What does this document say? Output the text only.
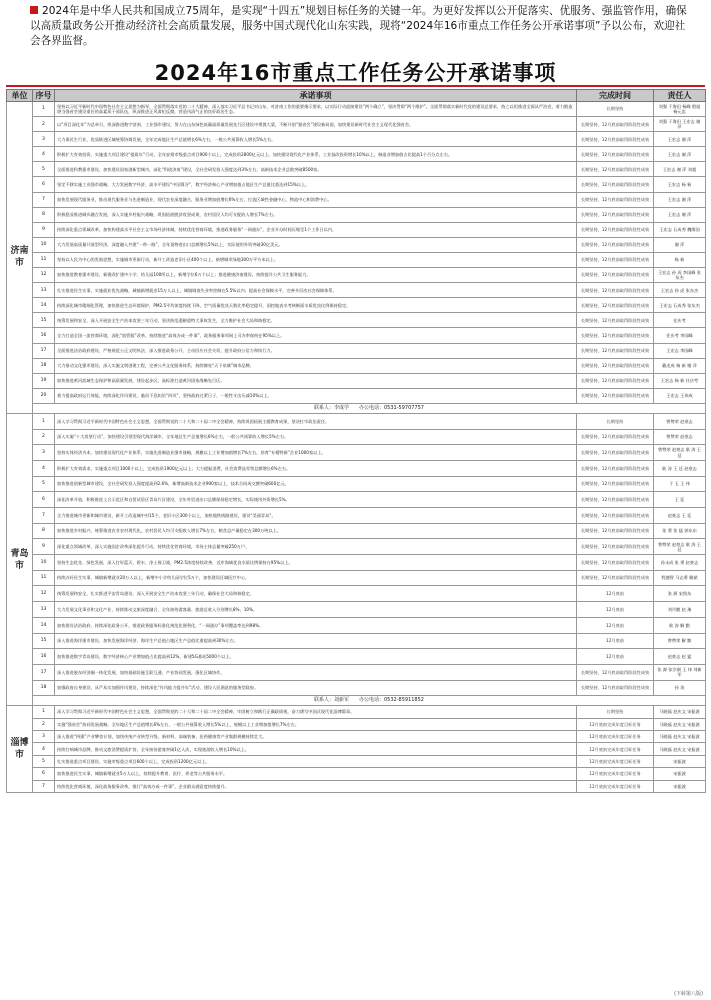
2024年是中华人民共和国成立75周年，是实现“十四五”规划目标任务的关键一年。为更好发挥以公开促落实、优服务、强监管作用，确保以高质量政务公开推动经济社会高质量发展，服务中国式现代化山东实践，现将“2024年16市重点工作任务公开承诺事项”予以公布，欢迎社会各界监督。
2024年16市重点工作任务公开承诺事项
单位	序号	承诺事项	完成时间	责任人
济南市	1	坚持以习近平新时代中国特色社会主义思想为指导，全面贯彻落实党的二十大精神，深入落实习近平总书记对山东、对济南工作的重要指示要求，以实际行动迎接建设“两个确立”，坚决贯彻“两个维护”。全面贯彻落实新时代党的建设总要求，持之以恒推进全面从严治党，着力锻造堪当强省会建设重任的高素质干部队伍，纵深推进正风肃纪反腐，营造风清气正的良好政治生态。	长期坚持	刘强 于海田 杨峰 殷旭 杨元忠
	2	以“项目深化年”为总牵引，纵深推进数字济南、工业强市建设，努力在山东绿色低碳高质量发展先行区建设中勇挑大梁，不断开创“强省会”建设新局面，加快建设新时代社会主义现代化强省会。	长期坚持，12月底前取得阶段性成效	刘强 于海田 王宏志 谢 萍
	3	大力保民生行业，优质推进区域统筹协调发展，全年完成地区生产总值增长6%左右，一般公共预算收入增长5%左右。	长期坚持，12月底前取得阶段性成效	王宏志 谢 萍
	4	积极扩大有效投资，实施重大项目建设“提质年”行动，全年安排市级重点项目900个以上，完成投资2800亿元以上。加快建设现代化产业体系，工业技改投资增长10%以上，制造业增加值占比提高1个百分点左右。	长期坚持，12月底前取得阶段性成效	王宏志 谢 萍
	5	全面推进科教强市建设，加快建设国家创新型城市，深化“科创济南”建设，全社会研发投入强度达到3%左右，高新技术企业总数突破8500家。	长期坚持，12月底前取得阶段性成效	王宏志 谢 萍 刘超
	6	坚定不移实施工业强市战略，大力发展数字经济，高水平建设“中国算谷”，数字经济核心产业增加值占地区生产总值比重达到15%以上。	长期坚持，12月底前取得阶段性成效	王宏志 杨 新
	7	加快发展现代服务业，推动现代服务业与先进制造业、现代农业深度融合，服务业增加值增长6%左右，打造区域性金融中心、物流中心和消费中心。	长期坚持，12月底前取得阶段性成效	王宏志 谢 萍
	8	积极稳妥推进城乡融合发展，深入实施乡村振兴战略，巩固拓展脱贫攻坚成果，农村居民人均可支配收入增长7%左右。	长期坚持，12月底前取得阶段性成效	王宏志 谢 萍
	9	持续深化重点领域改革，加快构建高水平社会主义市场经济体制，持续优化营商环境，推进政务服务“一网通办”，企业开办时间压缩至1个工作日以内。	长期坚持，12月底前取得阶段性成效	王宏志 石成秀 魏维国
	10	大力发展高质量开放型经济，深度融入共建“一带一路”，全年货物进出口总额增长5%以上，实际使用外资突破30亿美元。	长期坚持，12月底前取得阶段性成效	谢 萍
	11	坚持以人民为中心的发展思想，实施城市更新行动，新开工改造老旧小区400个以上，新增城市绿地300万平方米以上。	长期坚持，12月底前取得阶段性成效	杨 新
	12	加快推进教育强市建设，新建改扩建中小学、幼儿园100所以上，新增学位6万个以上；推进健康济南建设，持续提升公共卫生服务能力。	长期坚持，12月底前取得阶段性成效	王宏志 孙 虎 李国峰 张东杰
	13	扎实推进民生实事，实施就业优先战略，城镇新增就业15万人以上，城镇调查失业率控制在5.5%以内；提高社会保障水平，完善多层次社会保障体系。	长期坚持，12月底前取得阶段性成效	王宏志 孙 虎 张东杰
	14	持续深化城市精细化管理，加快推进生态环境保护，PM2.5平均浓度持续下降，空气质量优良天数比率稳定提升，国控地表水考核断面水质优良比例保持稳定。	长期坚持，12月底前取得阶段性成效	王宏志 石成秀 张东杰
	15	统筹发展和安全，深入开展安全生产治本攻坚三年行动，坚决防范遏制重特大事故发生，全力维护社会大局和谐稳定。	长期坚持，12月底前取得阶段性成效	任庆考
	16	全力打造全国一流营商环境，深化“放管服”改革，持续推进“高效办成一件事”，政务服务事项网上可办率保持在95%以上。	长期坚持，12月底前取得阶段性成效	任庆考 李国峰
	17	全面推进法治政府建设，严格规范公正文明执法，深入推进政务公开，主动回应社会关切，提升政府公信力和执行力。	长期坚持，12月底前取得阶段性成效	王宏志 李国峰
	18	大力推动文化强市建设，深入实施文明创建工程，完善公共文化服务体系，持续擦亮“天下泉城”城市品牌。	长期坚持，12月底前取得阶段性成效	戴龙成 杨 新 谢 萍
	19	加快推进黄河流域生态保护和高质量发展，建设起步区，高标准打造黄河国家战略先行区。	长期坚持，12月底前取得阶段性成效	王宏志 杨 新 任庆考
	20	着力提高政府运行效能，持续深化作风建设，驰而不息纠治“四风”，坚持政府过紧日子，一般性支出压减10%以上。	长期坚持，12月底前取得阶段性成效	王宏志 王伟成
	联系人：李成学　　办公电话：0531-59707757			
青岛市	1	深入学习贯彻习近平新时代中国特色社会主义思想，全面贯彻党的二十大和二十届二中全会精神，持续巩固拓展主题教育成果，坚决扛牢政治责任。	长期坚持	曾赞荣 赵豪志
	2	深入实施“十大攻坚行动”，加快建设引领型现代海洋城市，全年地区生产总值增长6%左右，一般公共预算收入增长5%左右。	长期坚持，12月底前取得阶段性成效	曾赞荣 赵豪志
	3	坚持实体经济为本，加快建设现代化产业体系，实施先进制造业强市战略，规模以上工业增加值增长7%左右，培育“专精特新”企业1000家以上。	长期坚持，12月底前取得阶段性成效	曾赞荣 赵豪志 耿 涛 王 廷
	4	积极扩大有效需求，实施重点项目1000个以上，完成投资1900亿元以上；大力提振消费，社会消费品零售总额增长6%左右。	长期坚持，12月底前取得阶段性成效	耿 涛 王 廷 赵豪志
	5	加快推进创新型城市建设，全社会研发投入强度提高到2.6%，新增高新技术企业900家以上，技术合同成交额突破600亿元。	长期坚持，12月底前取得阶段性成效	于 玉 王 伟
	6	深化改革开放，积极推进上合示范区和自贸试验区青岛片区建设，全年外贸进出口总额保持稳定增长，实际使用外资增长5%。	长期坚持，12月底前取得阶段性成效	王 廷
	7	全力推进城市更新和城市建设，新开工改造城中村15个、老旧小区300个以上，加快地铁线路建设，建设“美丽青岛”。	长期坚持，12月底前取得阶段性成效	赵豪志 王 廷
	8	加快推进乡村振兴，统筹推进农业农村现代化，农村居民人均可支配收入增长7%左右，粮食总产量稳定在300万吨以上。	长期坚持，12月底前取得阶段性成效	张 勇 张 猛 郭东东
	9	深化重点领域改革，深入实施国企改革深化提升行动，持续优化营商环境，市场主体总量突破250万户。	长期坚持，12月底前取得阶段性成效	曾赞荣 赵豪志 耿 涛 王 廷
	10	坚持生态优先、绿色发展，深入打好蓝天、碧水、净土保卫战，PM2.5浓度持续改善，近岸海域优良水质比例保持在95%以上。	长期坚持，12月底前取得阶段性成效	孙永成 张 勇 赵豪志
	11	持续办好民生实事，城镇新增就业20万人以上，新增中小学幼儿园学位5万个，加快建设区域医疗中心。	长期坚持，12月底前取得阶段性成效	程德智 马志勇 解斌
	12	统筹发展和安全，扎实推进平安青岛建设，深入开展安全生产治本攻坚三年行动，确保社会大局和谐稳定。	12月底前	张 源 宋凯东
	13	大力发展文化事业和文化产业，持续推动文旅深度融合，全年接待游客量、旅游总收入分别增长8%、10%。	12月底前	刘丹勤 赵 豫
	14	加快建设法治政府，持续深化政务公开，推进政务服务标准化规范化便利化，“一网通办”事项覆盖率达到98%。	12月底前	耿 涛 解 勤
	15	深入推进海洋强市建设，加快发展海洋经济，海洋生产总值占地区生产总值比重提高到30%左右。	12月底前	曾赞荣 解 勤
	16	加快推进数字青岛建设，数字经济核心产业增加值占比提高到12%，新建5G基站5000个以上。	12月底前	赵豪志 赵 猛
	17	深入推进胶东经济圈一体化发展，加快基础设施互联互通、产业协同发展，强化区域协作。	长期坚持，12月底前取得阶段性成效	张 源 张宗刚 王 伟 刘新军
	18	加强政府自身建设，从严从实加强作风建设，持续深化“作风能力提升年”活动，建设人民满意的服务型政府。	长期坚持，12月底前取得阶段性成效	孙 英
	联系人：刘新军　　办公电话：0532-85911852			
淄博市	1	深入学习贯彻习近平新时代中国特色社会主义思想，全面贯彻党的二十大和二十届二中全会精神，牢固树立和践行正确政绩观，奋力谱写中国式现代化淄博篇章。	长期坚持	马晓磊 赵庆文 宋振波
	2	实施“强省会”协同发展战略，全年地区生产总值增长6%左右，一般公共预算收入增长5%以上，规模以上工业增加值增长7%左右。	12月底前完成年度目标任务	马晓磊 赵庆文 宋振波
	3	深入推进“四强”产业攀登计划，加快传统产业转型升级，新材料、高端装备、医药健康等产业集群规模持续壮大。	12月底前完成年度目标任务	马晓磊 赵庆文 宋振波
	4	持续打响城市品牌，推动文旅消费提质扩容，全年接待游客突破1亿人次，实现旅游收入增长10%以上。	12月底前完成年度目标任务	马晓磊 赵庆文 宋振波
	5	扎实推进重点项目建设，实施市级重点项目600个以上，完成投资1200亿元以上。	12月底前完成年度目标任务	宋振波
	6	加快推进民生实事，城镇新增就业5万人以上，持续提升教育、医疗、养老等公共服务水平。	12月底前完成年度目标任务	宋振波
	7	持续优化营商环境，深化政务服务改革，推行“高效办成一件事”，企业群众满意度持续提升。	12月底前完成年度目标任务	宋振波
(下转第八版)
